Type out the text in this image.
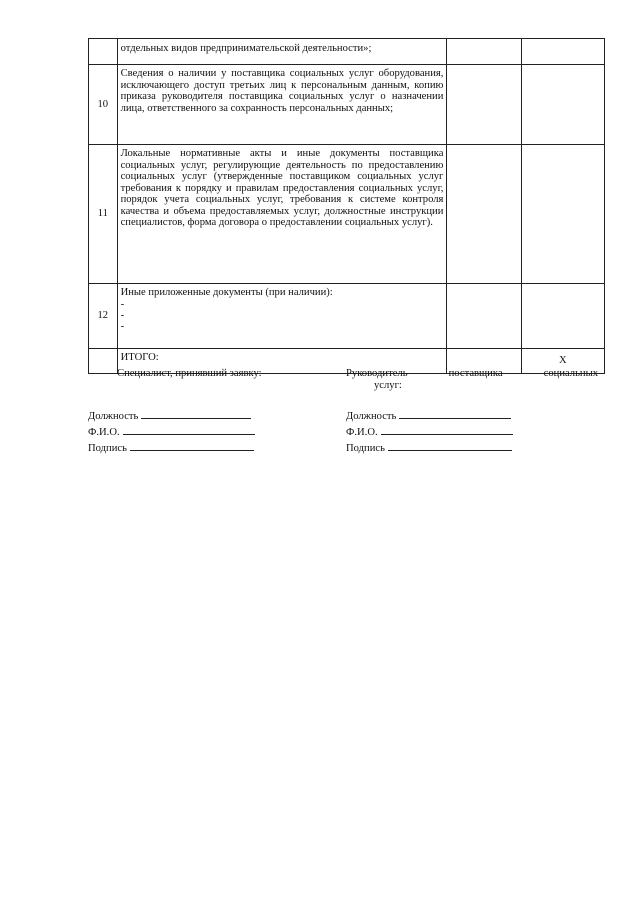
	отдельных видов предпринимательской деятельности»;		

10	Сведения о наличии у поставщика социальных услуг оборудования, исключающего доступ третьих лиц к персональным данным, копию приказа руководителя поставщика социальных услуг о назначении лица, ответственного за сохранность персональных данных;		

11	Локальные нормативные акты и иные документы поставщика социальных услуг, регулирующие деятельность по предоставлению социальных услуг (утвержденные поставщиком социальных услуг требования к порядку и правилам предоставления социальных услуг, порядок учета социальных услуг, требования к системе контроля качества и объема предоставляемых услуг, должностные инструкции специалистов, форма договора о предоставлении социальных услуг).		

12	Иные приложенные документы (при наличии):

-
-
-		

	ИТОГО:		Х

Специалист, принявший заявку:	Руководитель поставщика социальных

услуг:

Должность
Ф.И.О.
Подпись
Должность
Ф.И.О.
Подпись
